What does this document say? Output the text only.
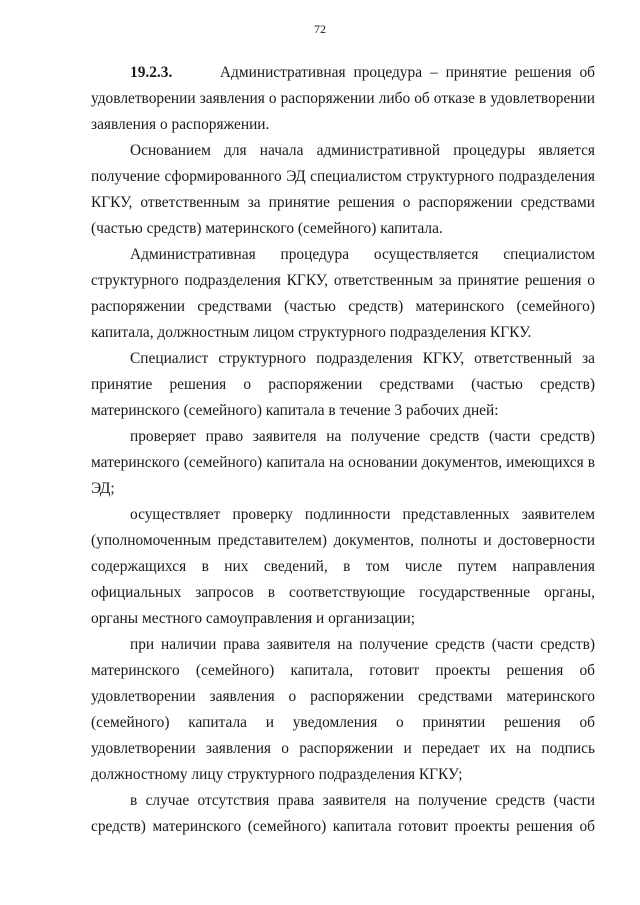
72

19.2.3.	Административная процедура – принятие решения об удовлетворении заявления о распоряжении либо об отказе в удовлетворении заявления о распоряжении.

Основанием для начала административной процедуры является получение сформированного ЭД специалистом структурного подразделения КГКУ, ответственным за принятие решения о распоряжении средствами (частью средств) материнского (семейного) капитала.

Административная процедура осуществляется специалистом структурного подразделения КГКУ, ответственным за принятие решения о распоряжении средствами (частью средств) материнского (семейного) капитала, должностным лицом структурного подразделения КГКУ.

Специалист структурного подразделения КГКУ, ответственный за принятие решения о распоряжении средствами (частью средств) материнского (семейного) капитала в течение 3 рабочих дней:

проверяет право заявителя на получение средств (части средств) материнского (семейного) капитала на основании документов, имеющихся в ЭД;

осуществляет проверку подлинности представленных заявителем (уполномоченным представителем) документов, полноты и достоверности содержащихся в них сведений, в том числе путем направления официальных запросов в соответствующие государственные органы, органы местного самоуправления и организации;

при наличии права заявителя на получение средств (части средств) материнского (семейного) капитала, готовит проекты решения об удовлетворении заявления о распоряжении средствами материнского (семейного) капитала и уведомления о принятии решения об удовлетворении заявления о распоряжении и передает их на подпись должностному лицу структурного подразделения КГКУ;

в случае отсутствия права заявителя на получение средств (части средств) материнского (семейного) капитала готовит проекты решения об
